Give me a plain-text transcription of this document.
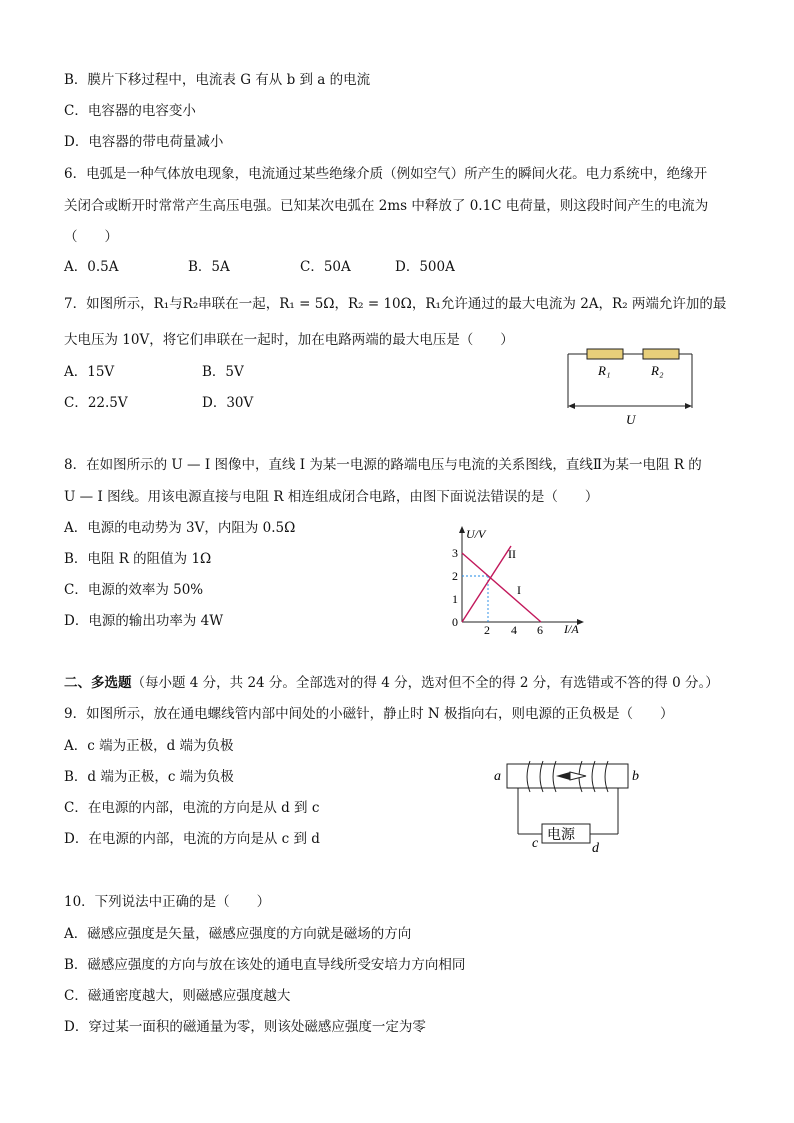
B．膜片下移过程中，电流表 G 有从 b 到 a 的电流
C．电容器的电容变小
D．电容器的带电荷量减小
6．电弧是一种气体放电现象，电流通过某些绝缘介质（例如空气）所产生的瞬间火花。电力系统中，绝缘开
关闭合或断开时常常产生高压电强。已知某次电弧在 2ms 中释放了 0.1C 电荷量，则这段时间产生的电流为
（　　）
A．0.5A	B．5A	C．50A	D．500A
7．如图所示，R₁与R₂串联在一起，R₁ = 5Ω，R₂ = 10Ω，R₁允许通过的最大电流为 2A，R₂ 两端允许加的最
大电压为 10V，将它们串联在一起时，加在电路两端的最大电压是（　　）
A．15V	B．5V
C．22.5V	D．30V
R₁	R₂
U
8．在如图所示的 U — I 图像中，直线 I 为某一电源的路端电压与电流的关系图线，直线Ⅱ为某一电阻 R 的
U — I 图线。用该电源直接与电阻 R 相连组成闭合电路，由图下面说法错误的是（　　）
A．电源的电动势为 3V，内阻为 0.5Ω
B．电阻 R 的阻值为 1Ω
C．电源的效率为 50%
D．电源的输出功率为 4W
U/V
I/A
0
1
2
3
2 4 6
I
II
二、多选题（每小题 4 分，共 24 分。全部选对的得 4 分，选对但不全的得 2 分，有选错或不答的得 0 分。）
9．如图所示，放在通电螺线管内部中间处的小磁针，静止时 N 极指向右，则电源的正负极是（　　）
A．c 端为正极，d 端为负极
B．d 端为正极，c 端为负极
C．在电源的内部，电流的方向是从 d 到 c
D．在电源的内部，电流的方向是从 c 到 d
a	b
c	d
电源
10．下列说法中正确的是（　　）
A．磁感应强度是矢量，磁感应强度的方向就是磁场的方向
B．磁感应强度的方向与放在该处的通电直导线所受安培力方向相同
C．磁通密度越大，则磁感应强度越大
D．穿过某一面积的磁通量为零，则该处磁感应强度一定为零
